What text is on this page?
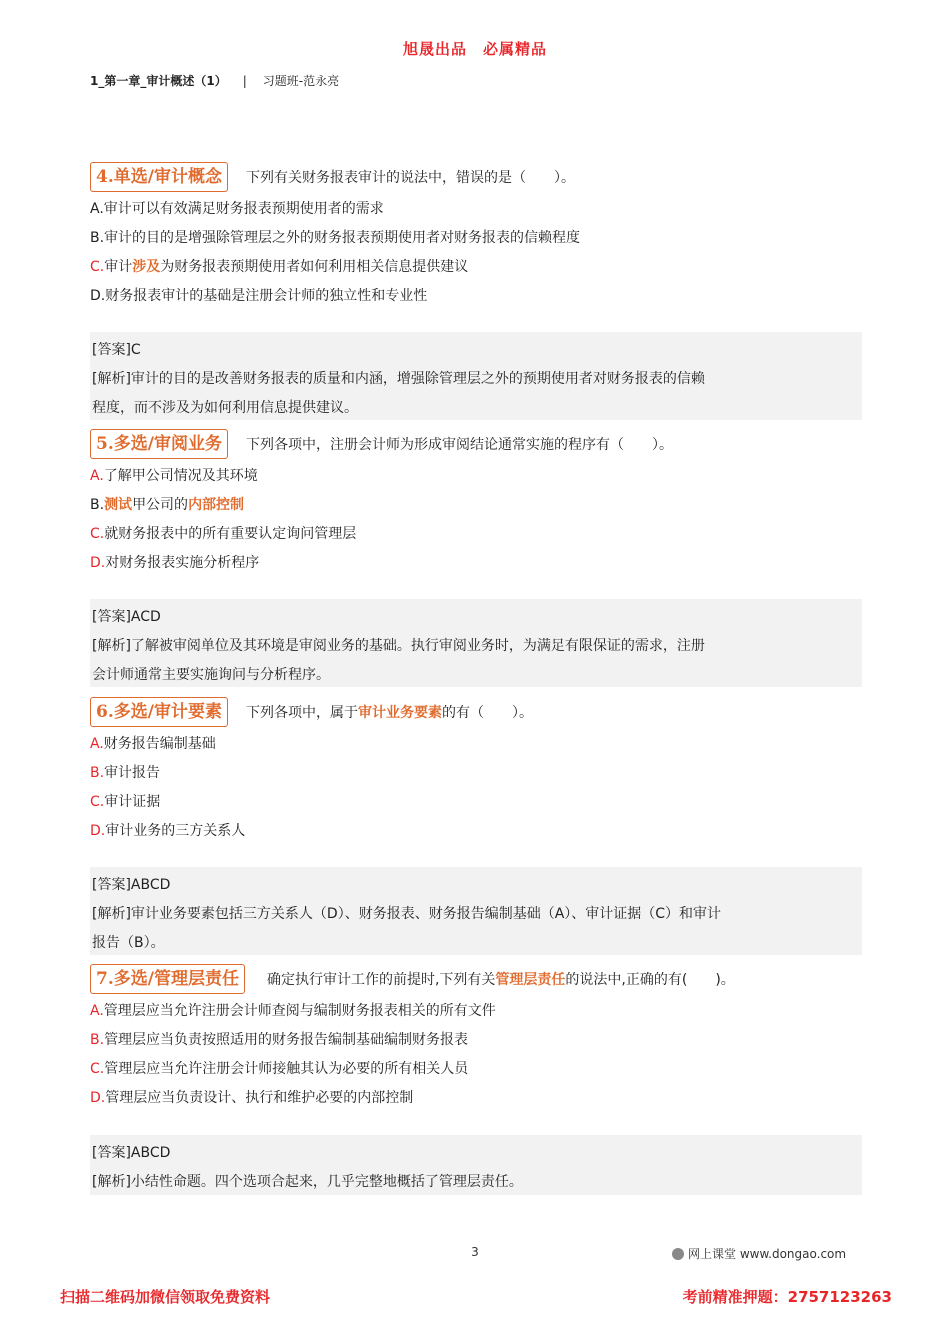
旭晟出品　必属精品
1_第一章_审计概述（1） | 习题班-范永亮
4.单选/审计概念 下列有关财务报表审计的说法中，错误的是（　　）。
A.审计可以有效满足财务报表预期使用者的需求
B.审计的目的是增强除管理层之外的财务报表预期使用者对财务报表的信赖程度
C.审计涉及为财务报表预期使用者如何利用相关信息提供建议
D.财务报表审计的基础是注册会计师的独立性和专业性
[答案]C
[解析]审计的目的是改善财务报表的质量和内涵，增强除管理层之外的预期使用者对财务报表的信赖
程度，而不涉及为如何利用信息提供建议。
5.多选/审阅业务 下列各项中，注册会计师为形成审阅结论通常实施的程序有（　　）。
A.了解甲公司情况及其环境
B.测试甲公司的内部控制
C.就财务报表中的所有重要认定询问管理层
D.对财务报表实施分析程序
[答案]ACD
[解析]了解被审阅单位及其环境是审阅业务的基础。执行审阅业务时，为满足有限保证的需求，注册
会计师通常主要实施询问与分析程序。
6.多选/审计要素 下列各项中，属于审计业务要素的有（　　）。
A.财务报告编制基础
B.审计报告
C.审计证据
D.审计业务的三方关系人
[答案]ABCD
[解析]审计业务要素包括三方关系人（D）、财务报表、财务报告编制基础（A）、审计证据（C）和审计
报告（B）。
7.多选/管理层责任 确定执行审计工作的前提时,下列有关管理层责任的说法中,正确的有(　　)。
A.管理层应当允许注册会计师查阅与编制财务报表相关的所有文件
B.管理层应当负责按照适用的财务报告编制基础编制财务报表
C.管理层应当允许注册会计师接触其认为必要的所有相关人员
D.管理层应当负责设计、执行和维护必要的内部控制
[答案]ABCD
[解析]小结性命题。四个选项合起来，几乎完整地概括了管理层责任。
3	网上课堂 www.dongao.com
扫描二维码加微信领取免费资料	考前精准押题：2757123263
